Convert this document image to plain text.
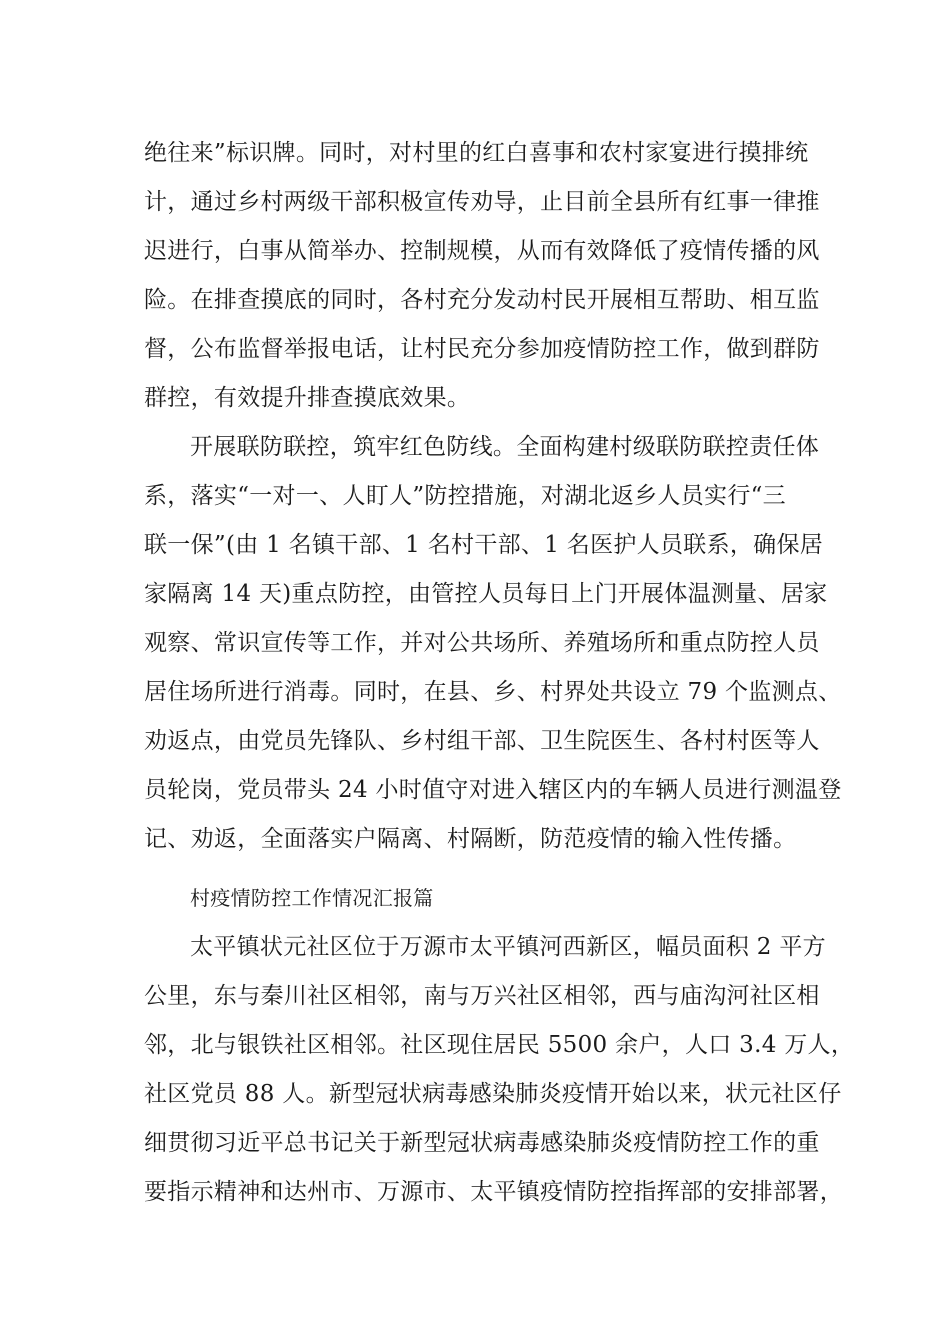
绝往来”标识牌。同时，对村里的红白喜事和农村家宴进行摸排统
计，通过乡村两级干部积极宣传劝导，止目前全县所有红事一律推
迟进行，白事从简举办、控制规模，从而有效降低了疫情传播的风
险。在排查摸底的同时，各村充分发动村民开展相互帮助、相互监
督，公布监督举报电话，让村民充分参加疫情防控工作，做到群防
群控，有效提升排查摸底效果。
开展联防联控，筑牢红色防线。全面构建村级联防联控责任体
系，落实“一对一、人盯人”防控措施，对湖北返乡人员实行“三
联一保”(由 1 名镇干部、1 名村干部、1 名医护人员联系，确保居
家隔离 14 天)重点防控，由管控人员每日上门开展体温测量、居家
观察、常识宣传等工作，并对公共场所、养殖场所和重点防控人员
居住场所进行消毒。同时，在县、乡、村界处共设立 79 个监测点、
劝返点，由党员先锋队、乡村组干部、卫生院医生、各村村医等人
员轮岗，党员带头 24 小时值守对进入辖区内的车辆人员进行测温登
记、劝返，全面落实户隔离、村隔断，防范疫情的输入性传播。
村疫情防控工作情况汇报篇
太平镇状元社区位于万源市太平镇河西新区，幅员面积 2 平方
公里，东与秦川社区相邻，南与万兴社区相邻，西与庙沟河社区相
邻，北与银铁社区相邻。社区现住居民 5500 余户，人口 3.4 万人，
社区党员 88 人。新型冠状病毒感染肺炎疫情开始以来，状元社区仔
细贯彻习近平总书记关于新型冠状病毒感染肺炎疫情防控工作的重
要指示精神和达州市、万源市、太平镇疫情防控指挥部的安排部署，
